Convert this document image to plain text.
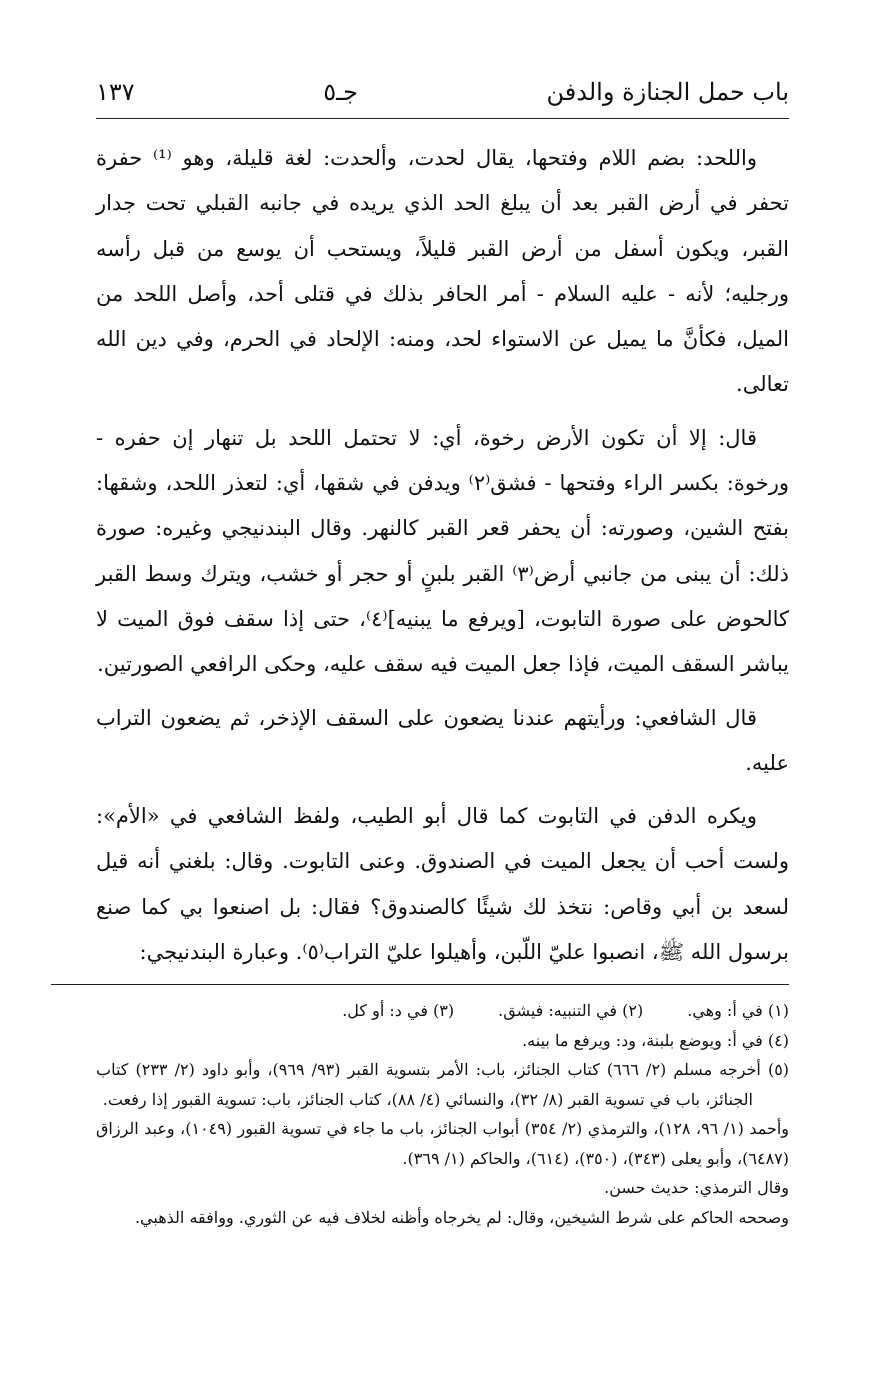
١٣٧	جـ٥	باب حمل الجنازة والدفن

واللحد: بضم اللام وفتحها، يقال لحدت، وألحدت: لغة قليلة، وهو ⁽¹⁾ حفرة تحفر في أرض القبر بعد أن يبلغ الحد الذي يريده في جانبه القبلي تحت جدار القبر، ويكون أسفل من أرض القبر قليلاً، ويستحب أن يوسع من قبل رأسه ورجليه؛ لأنه - عليه السلام - أمر الحافر بذلك في قتلى أحد، وأصل اللحد من الميل، فكأنَّ ما يميل عن الاستواء لحد، ومنه: الإلحاد في الحرم، وفي دين الله تعالى.

قال: إلا أن تكون الأرض رخوة، أي: لا تحتمل اللحد بل تنهار إن حفره - ورخوة: بكسر الراء وفتحها - فشق⁽٢⁾ ويدفن في شقها، أي: لتعذر اللحد، وشقها: بفتح الشين، وصورته: أن يحفر قعر القبر كالنهر. وقال البندنيجي وغيره: صورة ذلك: أن يبنى من جانبي أرض⁽٣⁾ القبر بلبنٍ أو حجر أو خشب، ويترك وسط القبر كالحوض على صورة التابوت، [ويرفع ما يبنيه]⁽٤⁾، حتى إذا سقف فوق الميت لا يباشر السقف الميت، فإذا جعل الميت فيه سقف عليه، وحكى الرافعي الصورتين.

قال الشافعي: ورأيتهم عندنا يضعون على السقف الإذخر، ثم يضعون التراب عليه.

ويكره الدفن في التابوت كما قال أبو الطيب، ولفظ الشافعي في «الأم»: ولست أحب أن يجعل الميت في الصندوق. وعنى التابوت. وقال: بلغني أنه قيل لسعد بن أبي وقاص: نتخذ لك شيئًا كالصندوق؟ فقال: بل اصنعوا بي كما صنع برسول الله ﷺ، انصبوا عليّ اللّبن، وأهيلوا عليّ التراب⁽٥⁾. وعبارة البندنيجي:

(١) في أ: وهي.

(٢) في التنبيه: فيشق.

(٣) في د: أو كل.

(٤) في أ: ويوضع بلبنة، ود: ويرفع ما بينه.

(٥) أخرجه مسلم (٢/ ٦٦٦) كتاب الجنائز، باب: الأمر بتسوية القبر (٩٣/ ٩٦٩)، وأبو داود (٢/ ٢٣٣) كتاب الجنائز، باب في تسوية القبر (٨/ ٣٢)، والنسائي (٤/ ٨٨)، كتاب الجنائز، باب: تسوية القبور إذا رفعت.

وأحمد (١/ ٩٦، ١٢٨)، والترمذي (٢/ ٣٥٤) أبواب الجنائز، باب ما جاء في تسوية القبور (١٠٤٩)، وعبد الرزاق (٦٤٨٧)، وأبو يعلى (٣٤٣)، (٣٥٠)، (٦١٤)، والحاكم (١/ ٣٦٩).

وقال الترمذي: حديث حسن.

وصححه الحاكم على شرط الشيخين، وقال: لم يخرجاه وأظنه لخلاف فيه عن الثوري. ووافقه الذهبي.
